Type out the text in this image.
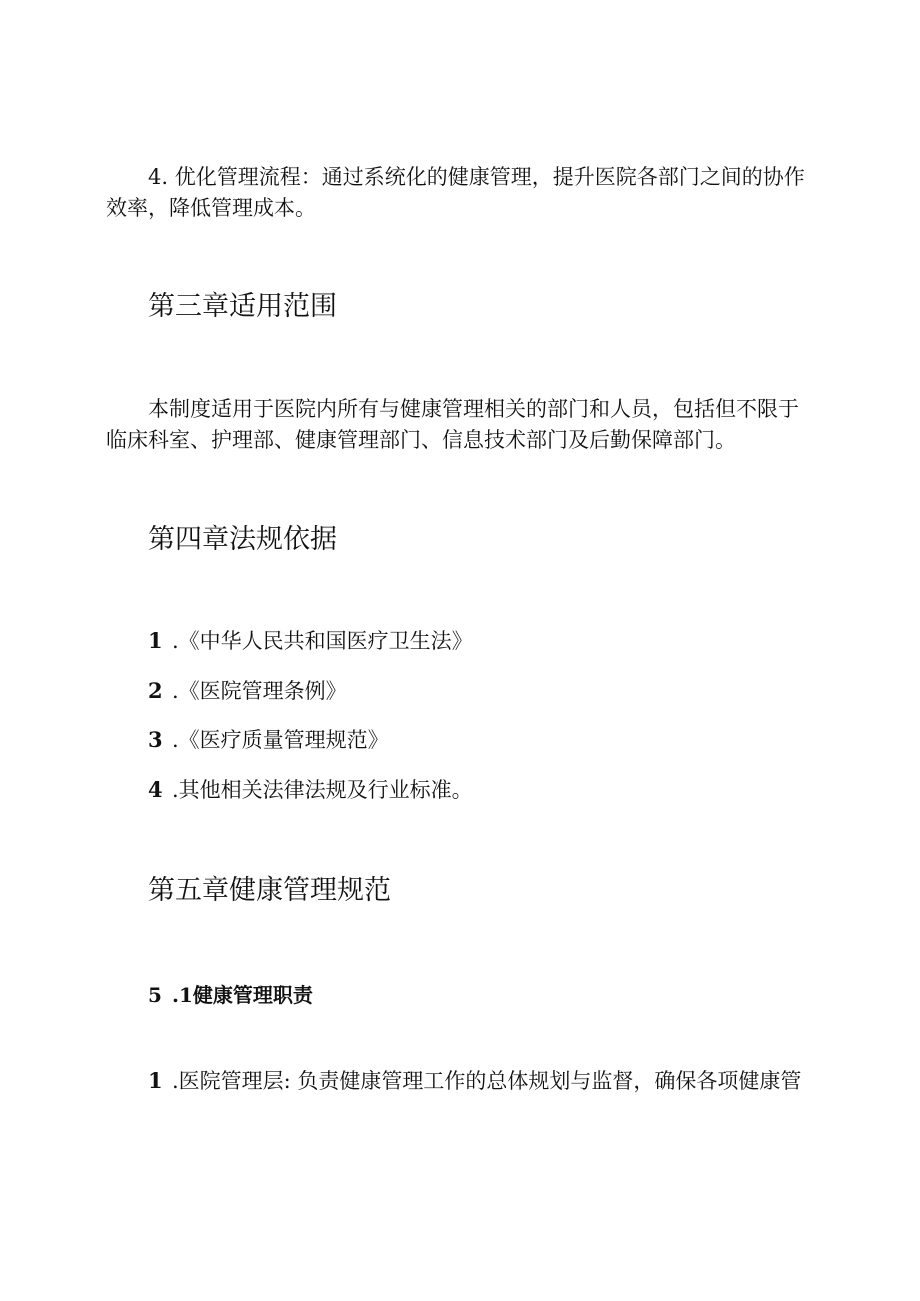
4. 优化管理流程：通过系统化的健康管理，提升医院各部门之间的协作效率，降低管理成本。

第三章适用范围

本制度适用于医院内所有与健康管理相关的部门和人员，包括但不限于临床科室、护理部、健康管理部门、信息技术部门及后勤保障部门。

第四章法规依据

1 .《中华人民共和国医疗卫生法》

2 .《医院管理条例》

3 .《医疗质量管理规范》

4 .其他相关法律法规及行业标准。

第五章健康管理规范

5 .1健康管理职责

1 .医院管理层: 负责健康管理工作的总体规划与监督，确保各项健康管
